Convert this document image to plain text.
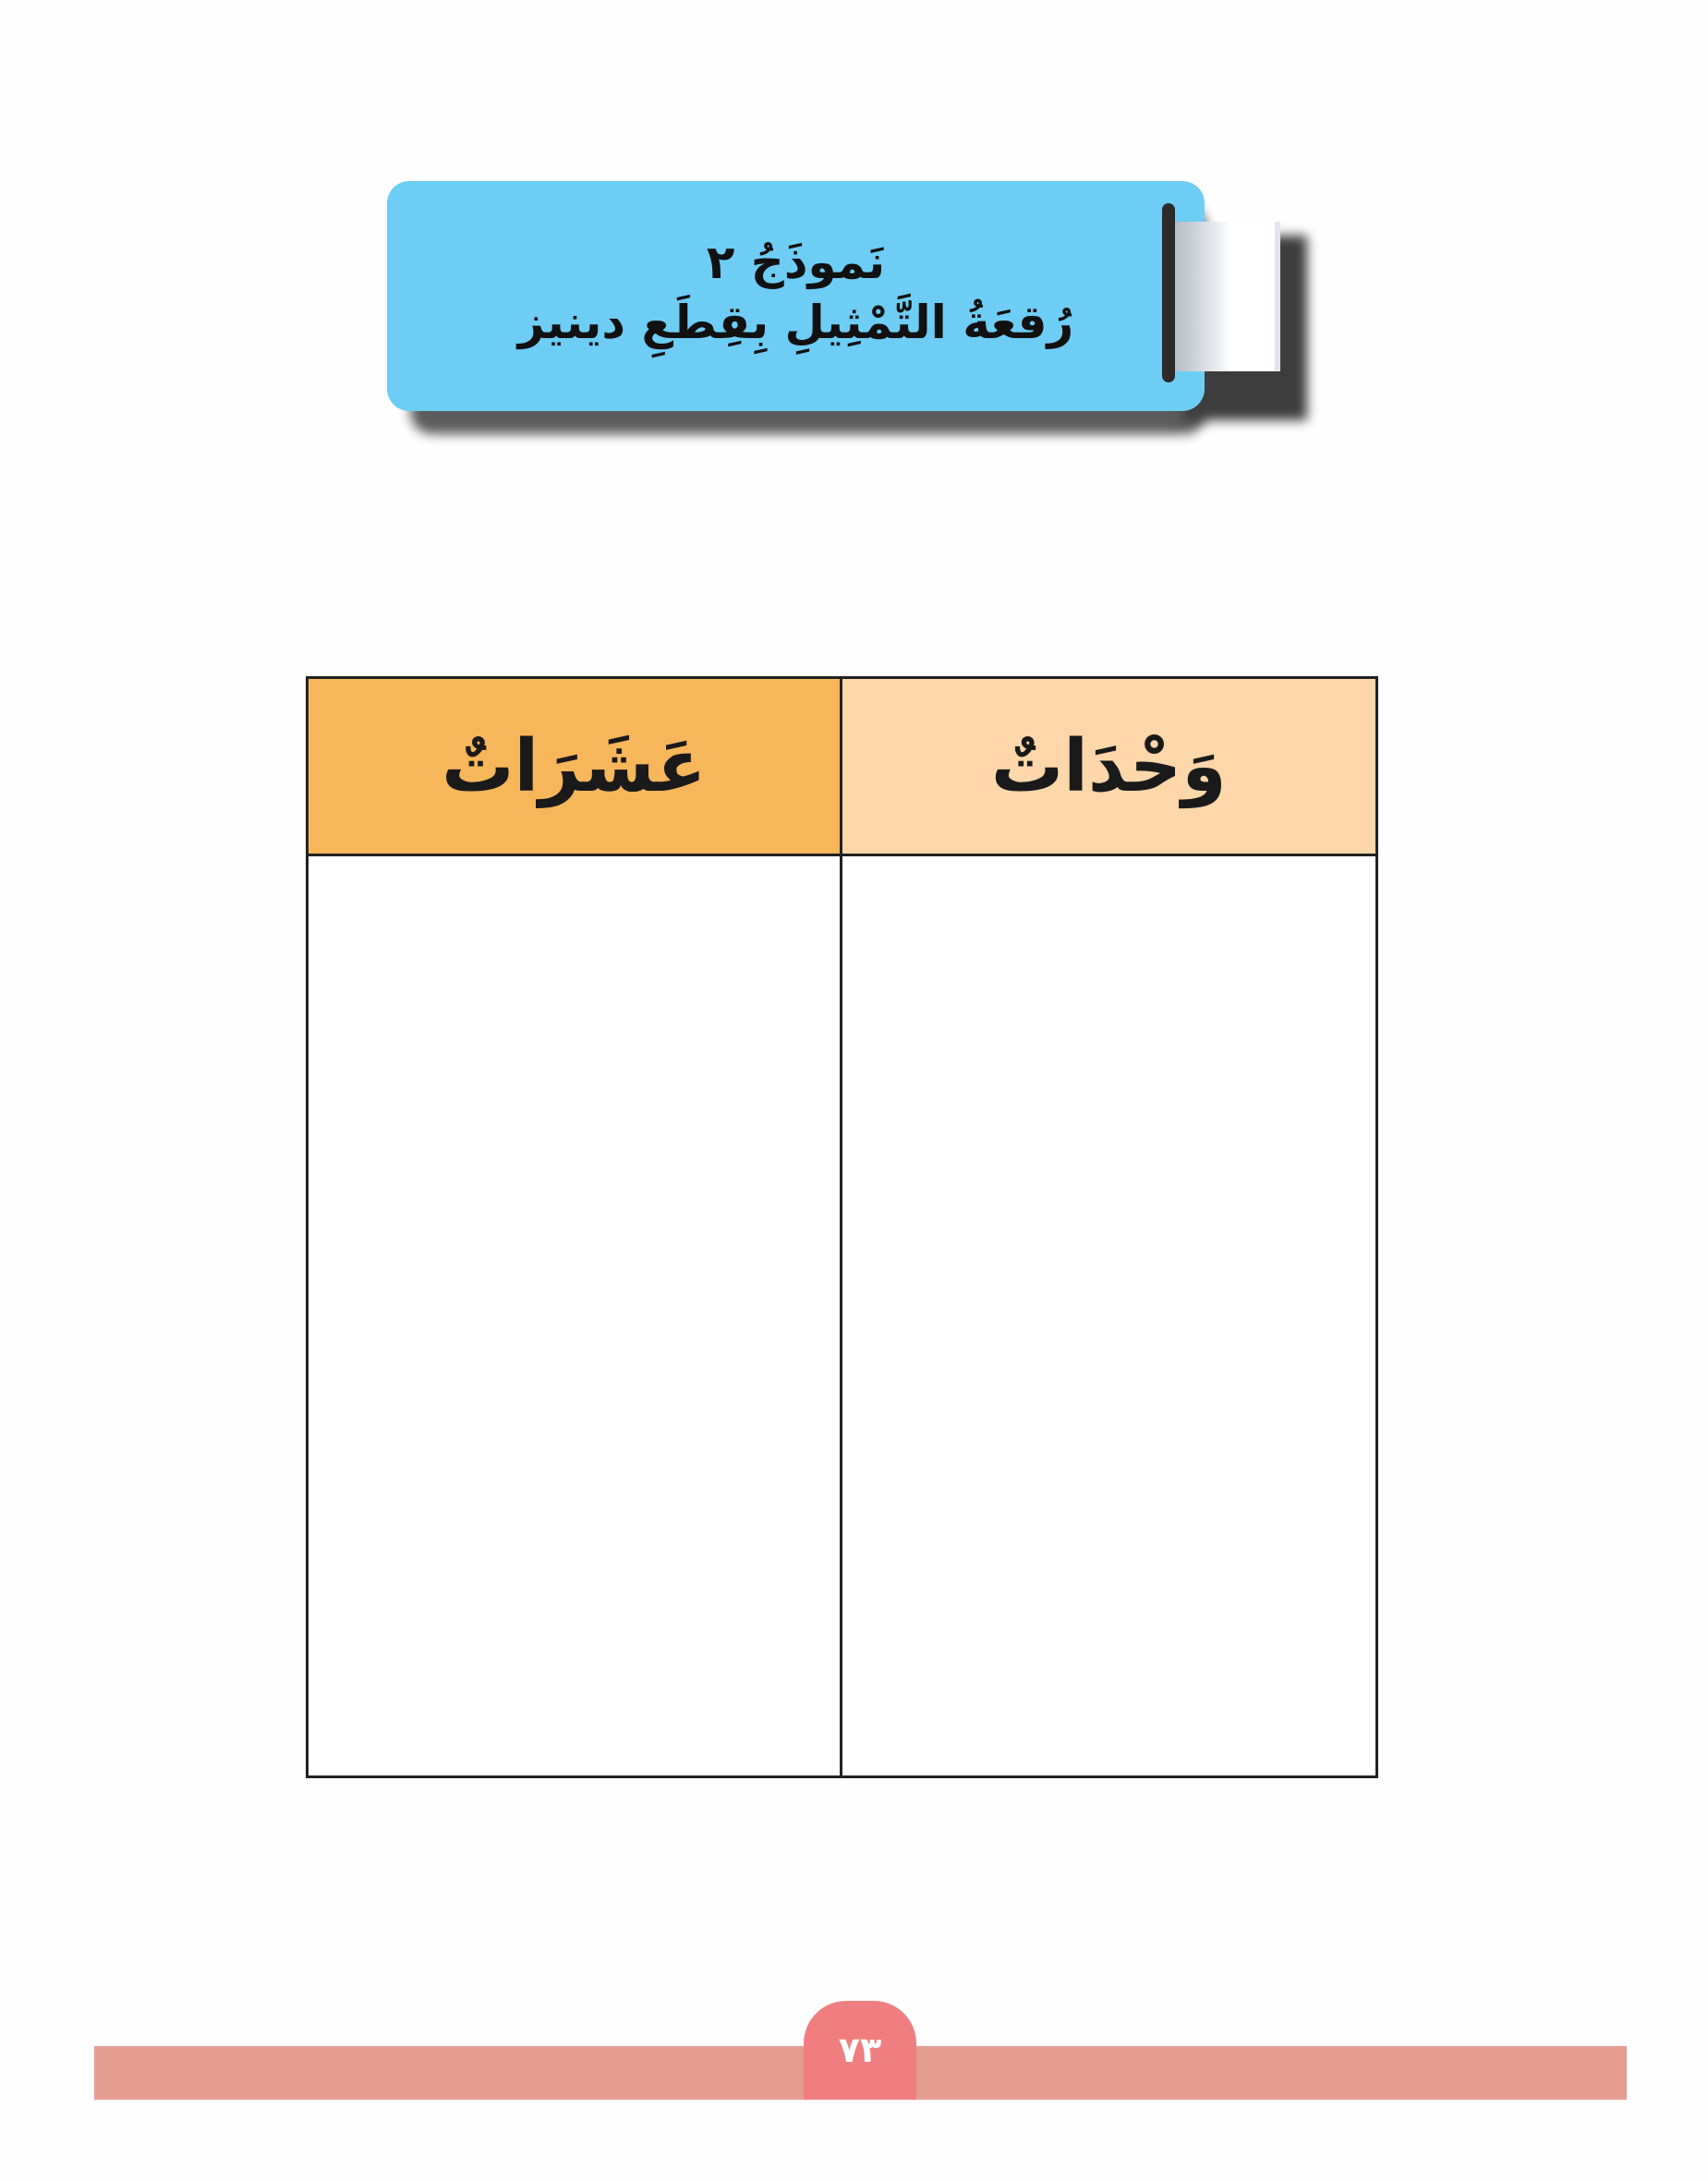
نَموذَجُ ٢
رُقعَةُ التَّمْثِيلِ بِقِطَعِ دينيز
عَشَرَاتٌ	وَحْدَاتٌ
٧٣
